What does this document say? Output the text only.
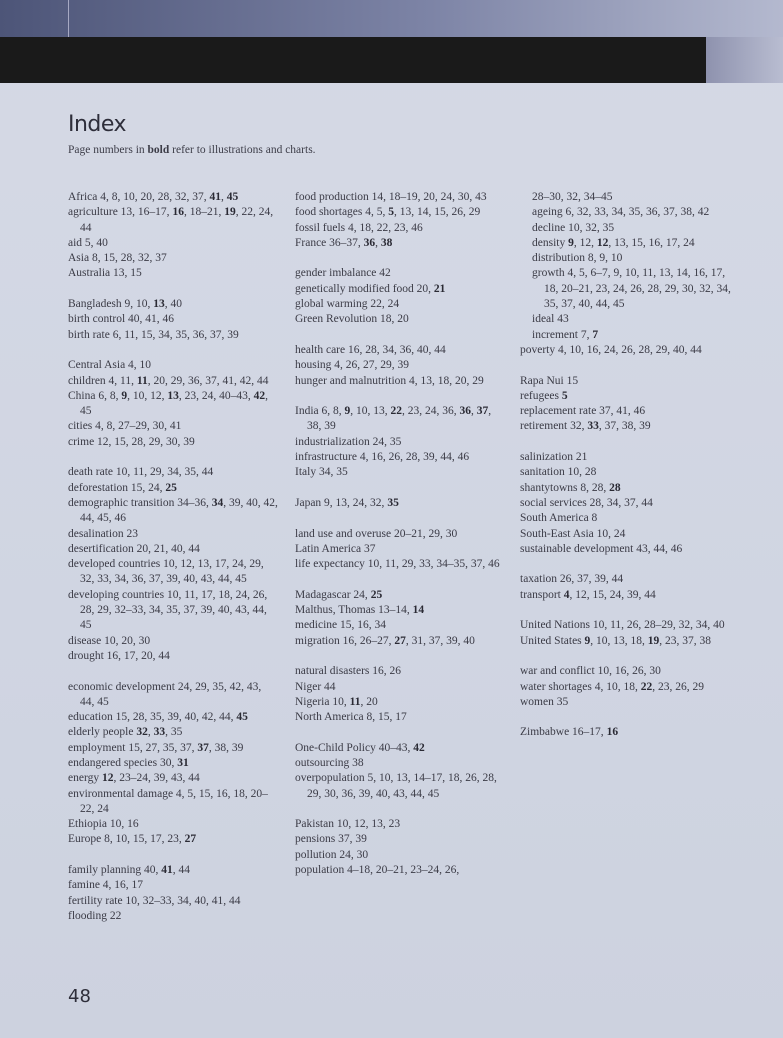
Index

Page numbers in bold refer to illustrations and charts.

Africa 4, 8, 10, 20, 28, 32, 37, 41, 45

agriculture 13, 16–17, 16, 18–21, 19, 22, 24, 44

aid 5, 40

Asia 8, 15, 28, 32, 37

Australia 13, 15

Bangladesh 9, 10, 13, 40

birth control 40, 41, 46

birth rate 6, 11, 15, 34, 35, 36, 37, 39

Central Asia 4, 10

children 4, 11, 11, 20, 29, 36, 37, 41, 42, 44

China 6, 8, 9, 10, 12, 13, 23, 24, 40–43, 42, 45

cities 4, 8, 27–29, 30, 41

crime 12, 15, 28, 29, 30, 39

death rate 10, 11, 29, 34, 35, 44

deforestation 15, 24, 25

demographic transition 34–36, 34, 39, 40, 42, 44, 45, 46

desalination 23

desertification 20, 21, 40, 44

developed countries 10, 12, 13, 17, 24, 29, 32, 33, 34, 36, 37, 39, 40, 43, 44, 45

developing countries 10, 11, 17, 18, 24, 26, 28, 29, 32–33, 34, 35, 37, 39, 40, 43, 44, 45

disease 10, 20, 30

drought 16, 17, 20, 44

economic development 24, 29, 35, 42, 43, 44, 45

education 15, 28, 35, 39, 40, 42, 44, 45

elderly people 32, 33, 35

employment 15, 27, 35, 37, 37, 38, 39

endangered species 30, 31

energy 12, 23–24, 39, 43, 44

environmental damage 4, 5, 15, 16, 18, 20–22, 24

Ethiopia 10, 16

Europe 8, 10, 15, 17, 23, 27

family planning 40, 41, 44

famine 4, 16, 17

fertility rate 10, 32–33, 34, 40, 41, 44

flooding 22

food production 14, 18–19, 20, 24, 30, 43

food shortages 4, 5, 5, 13, 14, 15, 26, 29

fossil fuels 4, 18, 22, 23, 46

France 36–37, 36, 38

gender imbalance 42

genetically modified food 20, 21

global warming 22, 24

Green Revolution 18, 20

health care 16, 28, 34, 36, 40, 44

housing 4, 26, 27, 29, 39

hunger and malnutrition 4, 13, 18, 20, 29

India 6, 8, 9, 10, 13, 22, 23, 24, 36, 36, 37, 38, 39

industrialization 24, 35

infrastructure 4, 16, 26, 28, 39, 44, 46

Italy 34, 35

Japan 9, 13, 24, 32, 35

land use and overuse 20–21, 29, 30

Latin America 37

life expectancy 10, 11, 29, 33, 34–35, 37, 46

Madagascar 24, 25

Malthus, Thomas 13–14, 14

medicine 15, 16, 34

migration 16, 26–27, 27, 31, 37, 39, 40

natural disasters 16, 26

Niger 44

Nigeria 10, 11, 20

North America 8, 15, 17

One-Child Policy 40–43, 42

outsourcing 38

overpopulation 5, 10, 13, 14–17, 18, 26, 28, 29, 30, 36, 39, 40, 43, 44, 45

Pakistan 10, 12, 13, 23

pensions 37, 39

pollution 24, 30

population 4–18, 20–21, 23–24, 26,

28–30, 32, 34–45

ageing 6, 32, 33, 34, 35, 36, 37, 38, 42

decline 10, 32, 35

density 9, 12, 12, 13, 15, 16, 17, 24

distribution 8, 9, 10

growth 4, 5, 6–7, 9, 10, 11, 13, 14, 16, 17, 18, 20–21, 23, 24, 26, 28, 29, 30, 32, 34, 35, 37, 40, 44, 45

ideal 43

increment 7, 7

poverty 4, 10, 16, 24, 26, 28, 29, 40, 44

Rapa Nui 15

refugees 5

replacement rate 37, 41, 46

retirement 32, 33, 37, 38, 39

salinization 21

sanitation 10, 28

shantytowns 8, 28, 28

social services 28, 34, 37, 44

South America 8

South-East Asia 10, 24

sustainable development 43, 44, 46

taxation 26, 37, 39, 44

transport 4, 12, 15, 24, 39, 44

United Nations 10, 11, 26, 28–29, 32, 34, 40

United States 9, 10, 13, 18, 19, 23, 37, 38

war and conflict 10, 16, 26, 30

water shortages 4, 10, 18, 22, 23, 26, 29

women 35

Zimbabwe 16–17, 16

48
